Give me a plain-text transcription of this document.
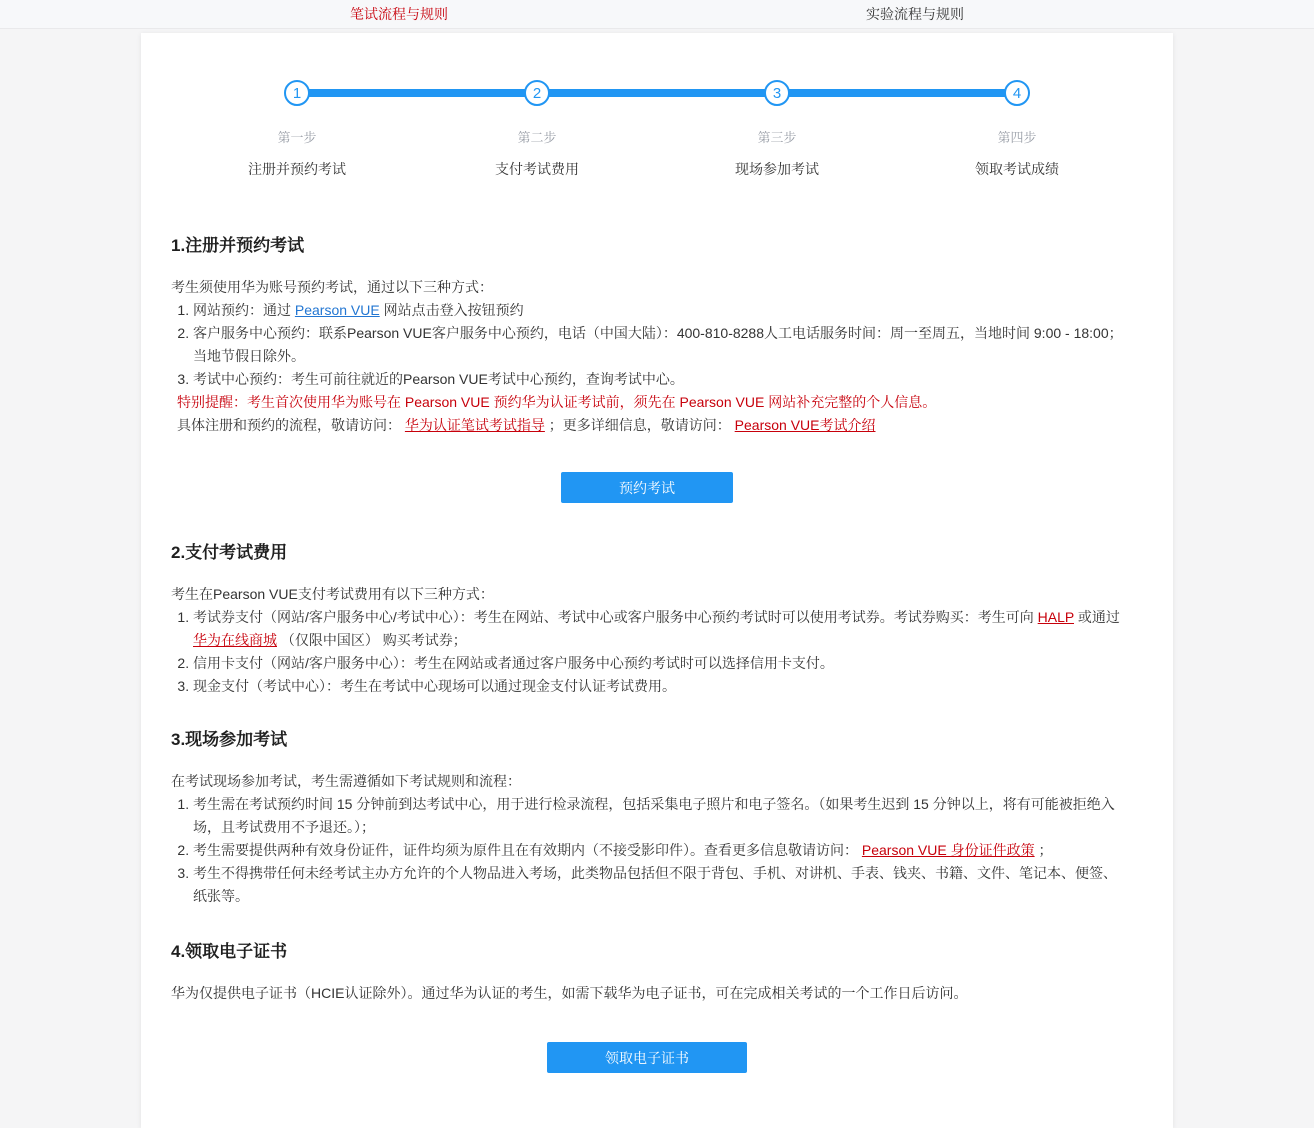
笔试流程与规则	实验流程与规则
1
第一步
注册并预约考试
2
第二步
支付考试费用
3
第三步
现场参加考试
4
第四步
领取考试成绩
1.注册并预约考试

考生须使用华为账号预约考试，通过以下三种方式：

1. 网站预约：通过 Pearson VUE 网站点击登入按钮预约
2. 客户服务中心预约：联系Pearson VUE客户服务中心预约，电话（中国大陆）：400-810-8288人工电话服务时间：周一至周五，当地时间 9:00 - 18:00；当地节假日除外。
3. 考试中心预约：考生可前往就近的Pearson VUE考试中心预约，查询考试中心。

特别提醒：考生首次使用华为账号在 Pearson VUE 预约华为认证考试前，须先在 Pearson VUE 网站补充完整的个人信息。

具体注册和预约的流程，敬请访问： 华为认证笔试考试指导 ；更多详细信息，敬请访问： Pearson VUE考试介绍

预约考试
2.支付考试费用

考生在Pearson VUE支付考试费用有以下三种方式：

1. 考试券支付（网站/客户服务中心/考试中心）：考生在网站、考试中心或客户服务中心预约考试时可以使用考试券。考试券购买：考生可向 HALP 或通过 华为在线商城 （仅限中国区） 购买考试券；
2. 信用卡支付（网站/客户服务中心）：考生在网站或者通过客户服务中心预约考试时可以选择信用卡支付。
3. 现金支付（考试中心）：考生在考试中心现场可以通过现金支付认证考试费用。
3.现场参加考试

在考试现场参加考试，考生需遵循如下考试规则和流程：

1. 考生需在考试预约时间 15 分钟前到达考试中心，用于进行检录流程，包括采集电子照片和电子签名。（如果考生迟到 15 分钟以上，将有可能被拒绝入场，且考试费用不予退还。）；
2. 考生需要提供两种有效身份证件，证件均须为原件且在有效期内（不接受影印件）。查看更多信息敬请访问： Pearson VUE 身份证件政策 ；
3. 考生不得携带任何未经考试主办方允许的个人物品进入考场，此类物品包括但不限于背包、手机、对讲机、手表、钱夹、书籍、文件、笔记本、便签、纸张等。
4.领取电子证书

华为仅提供电子证书（HCIE认证除外）。通过华为认证的考生，如需下载华为电子证书，可在完成相关考试的一个工作日后访问。

领取电子证书
